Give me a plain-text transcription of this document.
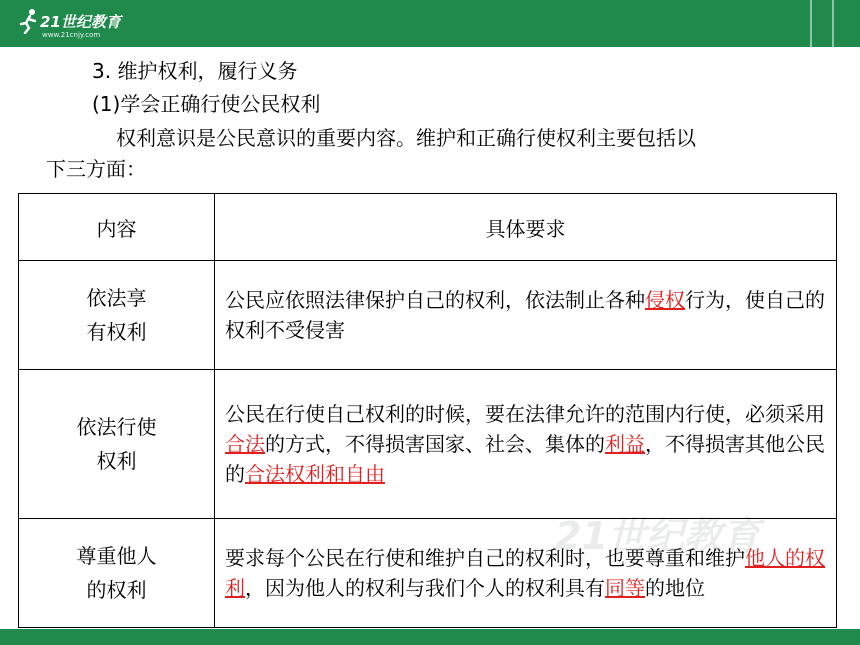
21世纪教育
www.21cnjy.com
21世纪教育
3. 维护权利，履行义务
(1)学会正确行使公民权利
权利意识是公民意识的重要内容。维护和正确行使权利主要包括以
下三方面：
内容	具体要求

依法享
有权利	公民应依照法律保护自己的权利，依法制止各种侵权行为，使自己的权利不受侵害

依法行使
权利	公民在行使自己权利的时候，要在法律允许的范围内行使，必须采用合法的方式，不得损害国家、社会、集体的利益，不得损害其他公民的合法权利和自由

尊重他人
的权利	要求每个公民在行使和维护自己的权利时，也要尊重和维护他人的权利，因为他人的权利与我们个人的权利具有同等的地位
